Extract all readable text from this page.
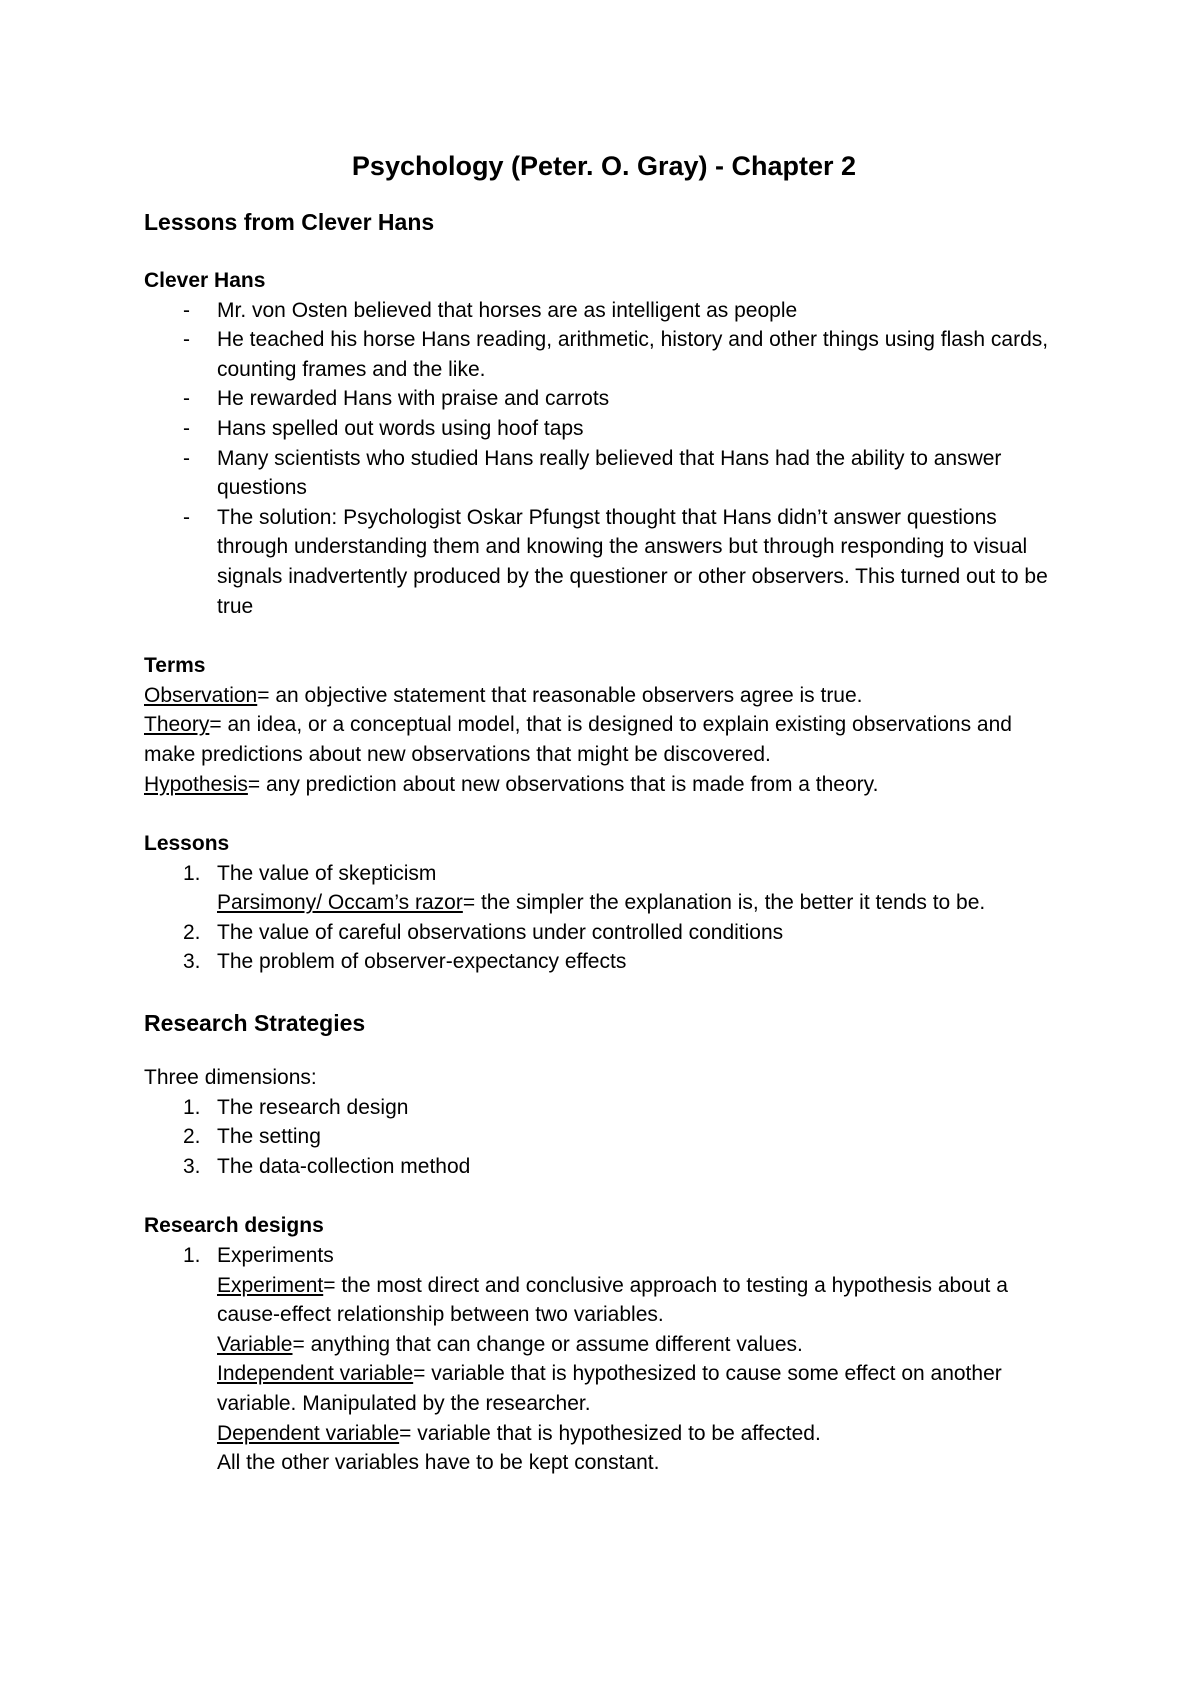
Psychology (Peter. O. Gray) - Chapter 2
Lessons from Clever Hans
Clever Hans
- Mr. von Osten believed that horses are as intelligent as people
- He teached his horse Hans reading, arithmetic, history and other things using flash cards, counting frames and the like.
- He rewarded Hans with praise and carrots
- Hans spelled out words using hoof taps
- Many scientists who studied Hans really believed that Hans had the ability to answer questions
- The solution: Psychologist Oskar Pfungst thought that Hans didn’t answer questions through understanding them and knowing the answers but through responding to visual signals inadvertently produced by the questioner or other observers. This turned out to be true
Terms

Observation= an objective statement that reasonable observers agree is true.

Theory= an idea, or a conceptual model, that is designed to explain existing observations and make predictions about new observations that might be discovered.

Hypothesis= any prediction about new observations that is made from a theory.

Lessons
1. The value of skepticism
Parsimony/ Occam’s razor= the simpler the explanation is, the better it tends to be.
2. The value of careful observations under controlled conditions
3. The problem of observer-expectancy effects
Research Strategies

Three dimensions:

1. The research design
2. The setting
3. The data-collection method
Research designs
1. Experiments
Experiment= the most direct and conclusive approach to testing a hypothesis about a cause-effect relationship between two variables.
Variable= anything that can change or assume different values.
Independent variable= variable that is hypothesized to cause some effect on another variable. Manipulated by the researcher.
Dependent variable= variable that is hypothesized to be affected.
All the other variables have to be kept constant.
